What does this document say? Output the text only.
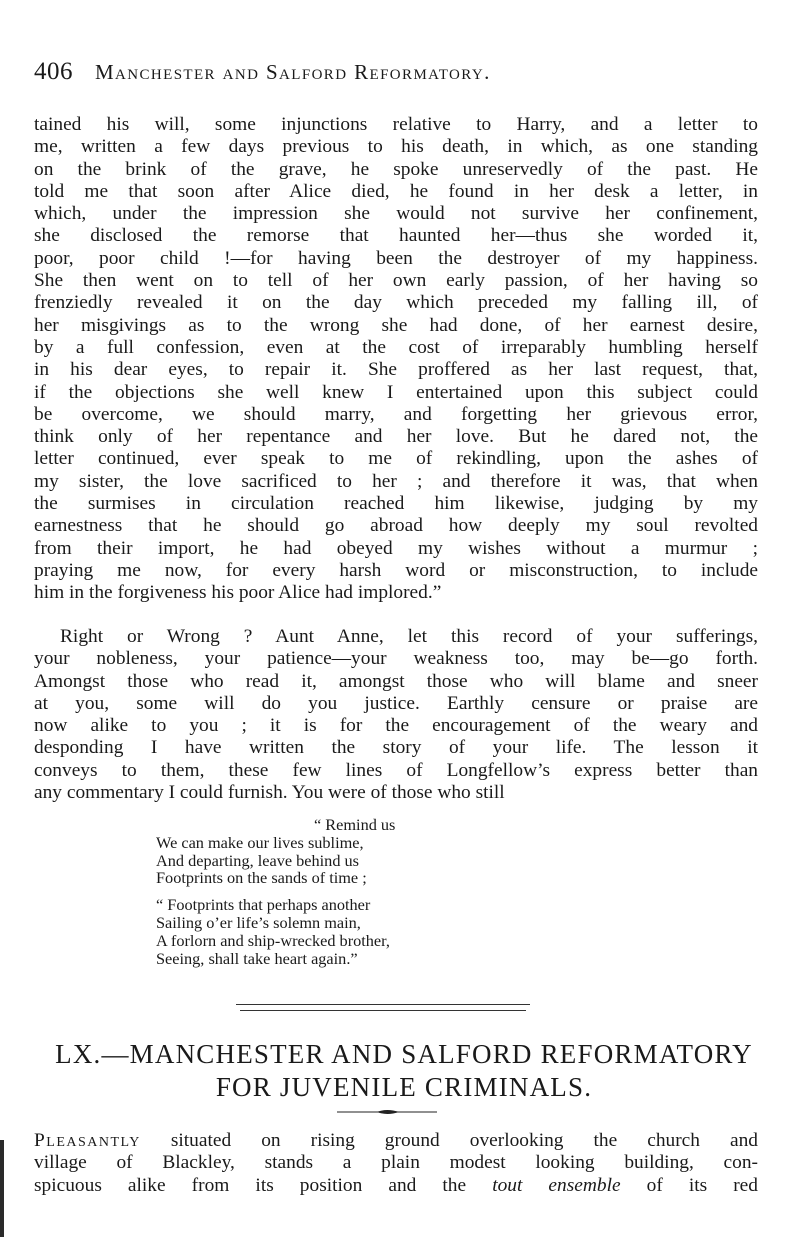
406 Manchester and Salford Reformatory.
tained his will, some injunctions relative to Harry, and a letter to
me, written a few days previous to his death, in which, as one standing
on the brink of the grave, he spoke unreservedly of the past. He
told me that soon after Alice died, he found in her desk a letter, in
which, under the impression she would not survive her confinement,
she disclosed the remorse that haunted her—thus she worded it,
poor, poor child !—for having been the destroyer of my happiness.
She then went on to tell of her own early passion, of her having so
frenziedly revealed it on the day which preceded my falling ill, of
her misgivings as to the wrong she had done, of her earnest desire,
by a full confession, even at the cost of irreparably humbling herself
in his dear eyes, to repair it. She proffered as her last request, that,
if the objections she well knew I entertained upon this subject could
be overcome, we should marry, and forgetting her grievous error,
think only of her repentance and her love. But he dared not, the
letter continued, ever speak to me of rekindling, upon the ashes of
my sister, the love sacrificed to her ; and therefore it was, that when
the surmises in circulation reached him likewise, judging by my
earnestness that he should go abroad how deeply my soul revolted
from their import, he had obeyed my wishes without a murmur ;
praying me now, for every harsh word or misconstruction, to include
him in the forgiveness his poor Alice had implored.”
Right or Wrong ? Aunt Anne, let this record of your sufferings,
your nobleness, your patience—your weakness too, may be—go forth.
Amongst those who read it, amongst those who will blame and sneer
at you, some will do you justice. Earthly censure or praise are
now alike to you ; it is for the encouragement of the weary and
desponding I have written the story of your life. The lesson it
conveys to them, these few lines of Longfellow’s express better than
any commentary I could furnish. You were of those who still
“ Remind us
We can make our lives sublime,
And departing, leave behind us
Footprints on the sands of time ;
“ Footprints that perhaps another
Sailing o’er life’s solemn main,
A forlorn and ship-wrecked brother,
Seeing, shall take heart again.”
LX.—MANCHESTER AND SALFORD REFORMATORY
FOR JUVENILE CRIMINALS.
Pleasantly situated on rising ground overlooking the church and
village of Blackley, stands a plain modest looking building, con-
spicuous alike from its position and the tout ensemble of its red
